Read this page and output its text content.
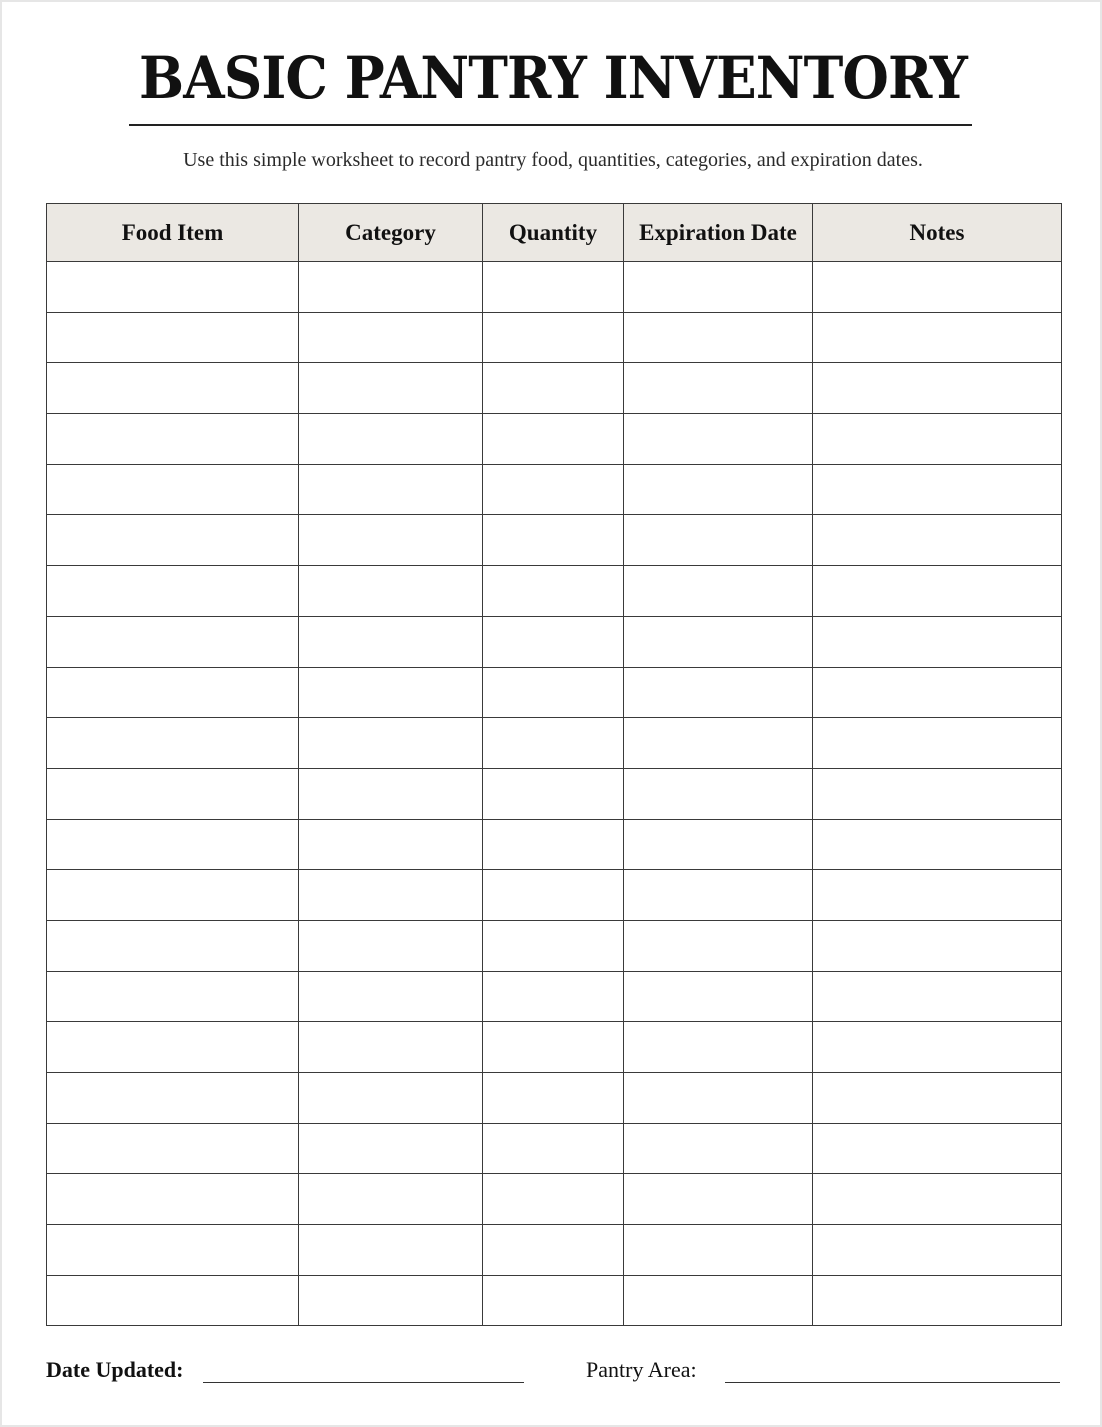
BASIC PANTRY INVENTORY
Use this simple worksheet to record pantry food, quantities, categories, and expiration dates.
Food Item	Category	Quantity	Expiration Date	Notes

Date Updated:	Pantry Area:
